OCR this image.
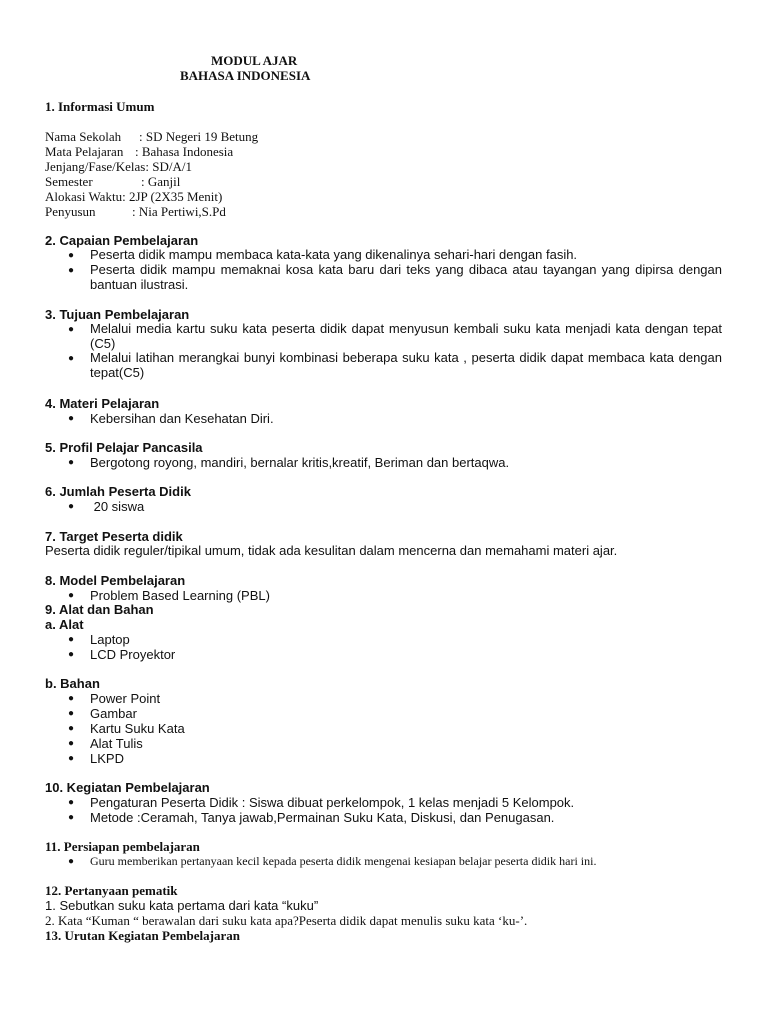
MODUL AJAR
BAHASA INDONESIA
1. Informasi Umum
Nama Sekolah : SD Negeri 19 Betung
Mata Pelajaran : Bahasa Indonesia
Jenjang/Fase/Kelas: SD/A/1
Semester	: Ganjil
Alokasi Waktu: 2JP (2X35 Menit)
Penyusun	: Nia Pertiwi,S.Pd
2. Capaian Pembelajaran
● Peserta didik mampu membaca kata-kata yang dikenalinya sehari-hari dengan fasih.
● Peserta didik mampu memaknai kosa kata baru dari teks yang dibaca atau tayangan yang dipirsa dengan bantuan ilustrasi.
3. Tujuan Pembelajaran
● Melalui media kartu suku kata peserta didik dapat menyusun kembali suku kata menjadi kata dengan tepat (C5)
● Melalui latihan merangkai bunyi kombinasi beberapa suku kata , peserta didik dapat membaca kata dengan tepat(C5)
4. Materi Pelajaran
● Kebersihan dan Kesehatan Diri.
5. Profil Pelajar Pancasila
● Bergotong royong, mandiri, bernalar kritis,kreatif, Beriman dan bertaqwa.
6. Jumlah Peserta Didik
● 20 siswa
7. Target Peserta didik
Peserta didik reguler/tipikal umum, tidak ada kesulitan dalam mencerna dan memahami materi ajar.
8. Model Pembelajaran
● Problem Based Learning (PBL)
9. Alat dan Bahan
a. Alat
● Laptop
● LCD Proyektor
b. Bahan
● Power Point
● Gambar
● Kartu Suku Kata
● Alat Tulis
● LKPD
10. Kegiatan Pembelajaran
● Pengaturan Peserta Didik : Siswa dibuat perkelompok, 1 kelas menjadi 5 Kelompok.
● Metode :Ceramah, Tanya jawab,Permainan Suku Kata, Diskusi, dan Penugasan.
11. Persiapan pembelajaran
● Guru memberikan pertanyaan kecil kepada peserta didik mengenai kesiapan belajar peserta didik hari ini.
12. Pertanyaan pematik
1. Sebutkan suku kata pertama dari kata “kuku”
2. Kata “Kuman “ berawalan dari suku kata apa?Peserta didik dapat menulis suku kata ‘ku-’.
13. Urutan Kegiatan Pembelajaran
